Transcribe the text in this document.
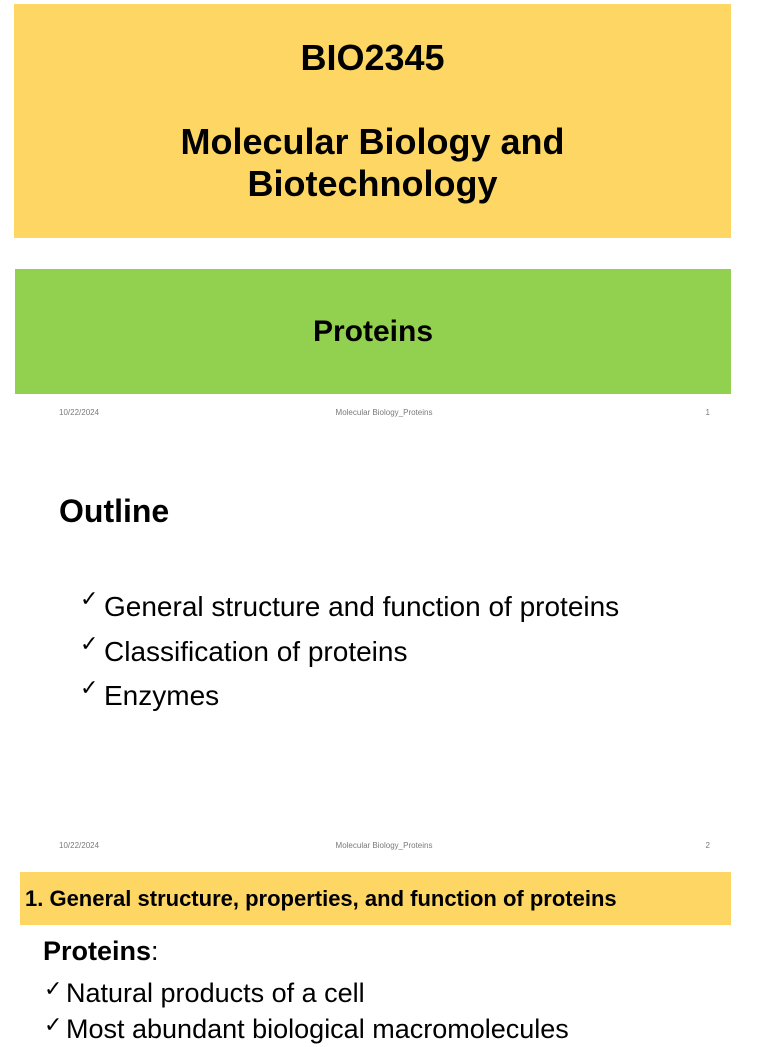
BIO2345
Molecular Biology and
Biotechnology
Proteins
10/22/2024	Molecular Biology_Proteins	1
Outline
✓ General structure and function of proteins
✓ Classification of proteins
✓ Enzymes
10/22/2024	Molecular Biology_Proteins	2
1. General structure, properties, and function of proteins
Proteins:
✓ Natural products of a cell
✓ Most abundant biological macromolecules
